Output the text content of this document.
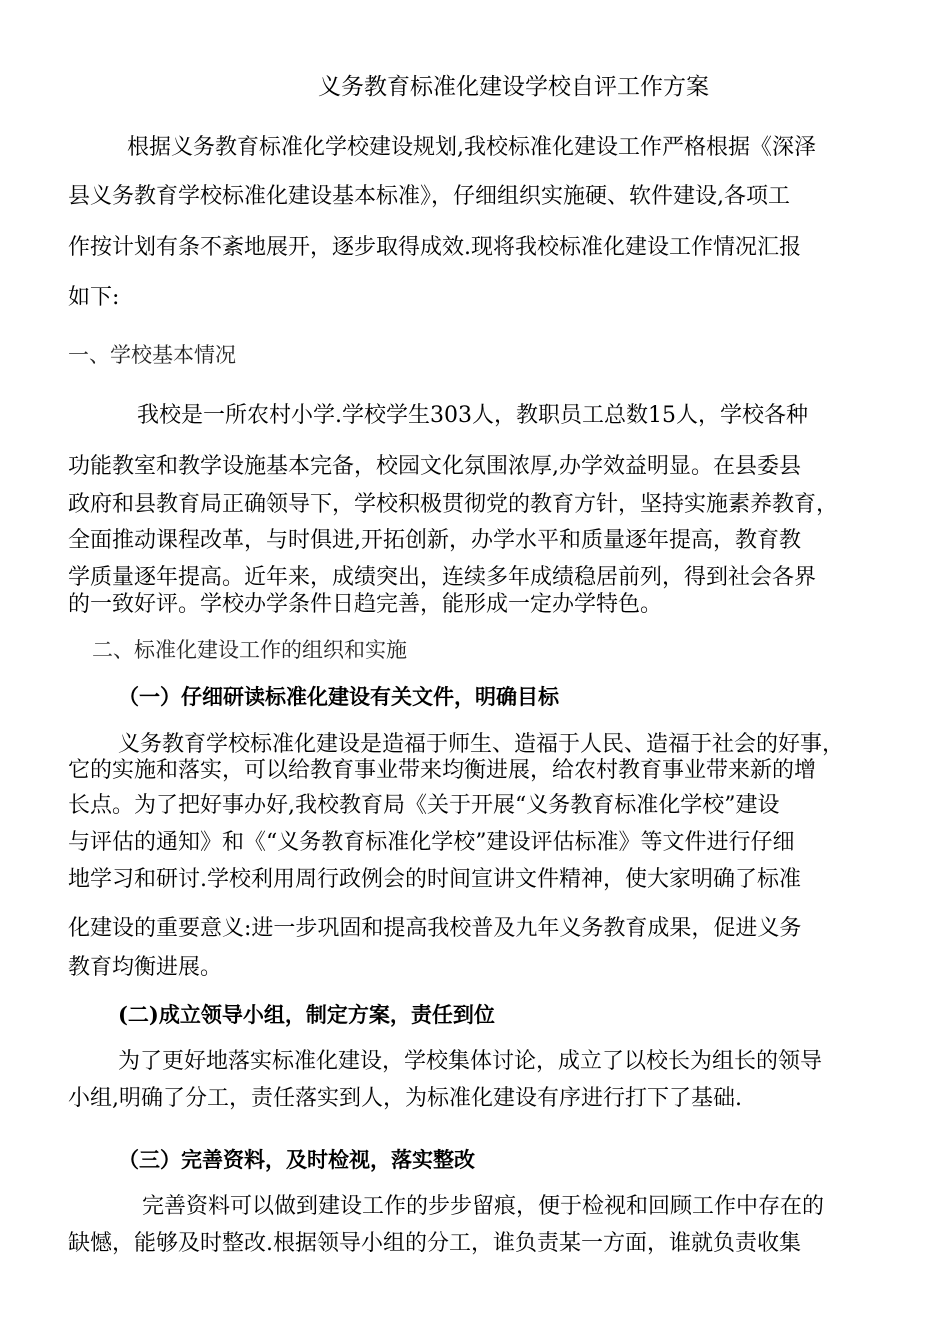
义务教育标准化建设学校自评工作方案
根据义务教育标准化学校建设规划,我校标准化建设工作严格根据《深泽
县义务教育学校标准化建设基本标准》，仔细组织实施硬、软件建设,各项工
作按计划有条不紊地展开，逐步取得成效.现将我校标准化建设工作情况汇报
如下:
一、学校基本情况
我校是一所农村小学.学校学生303人，教职员工总数15人，学校各种
功能教室和教学设施基本完备，校园文化氛围浓厚,办学效益明显。在县委县
政府和县教育局正确领导下，学校积极贯彻党的教育方针，坚持实施素养教育，
全面推动课程改革，与时俱进,开拓创新，办学水平和质量逐年提高，教育教
学质量逐年提高。近年来，成绩突出，连续多年成绩稳居前列，得到社会各界
的一致好评。学校办学条件日趋完善，能形成一定办学特色。
二、标准化建设工作的组织和实施
（一）仔细研读标准化建设有关文件，明确目标
义务教育学校标准化建设是造福于师生、造福于人民、造福于社会的好事，
它的实施和落实，可以给教育事业带来均衡进展，给农村教育事业带来新的增
长点。为了把好事办好,我校教育局《关于开展“义务教育标准化学校”建设
与评估的通知》和《“义务教育标准化学校”建设评估标准》等文件进行仔细
地学习和研讨.学校利用周行政例会的时间宣讲文件精神，使大家明确了标准
化建设的重要意义:进一步巩固和提高我校普及九年义务教育成果，促进义务
教育均衡进展。
(二)成立领导小组，制定方案，责任到位
为了更好地落实标准化建设，学校集体讨论，成立了以校长为组长的领导
小组,明确了分工，责任落实到人，为标准化建设有序进行打下了基础.
（三）完善资料，及时检视，落实整改
完善资料可以做到建设工作的步步留痕，便于检视和回顾工作中存在的
缺憾，能够及时整改.根据领导小组的分工，谁负责某一方面，谁就负责收集
